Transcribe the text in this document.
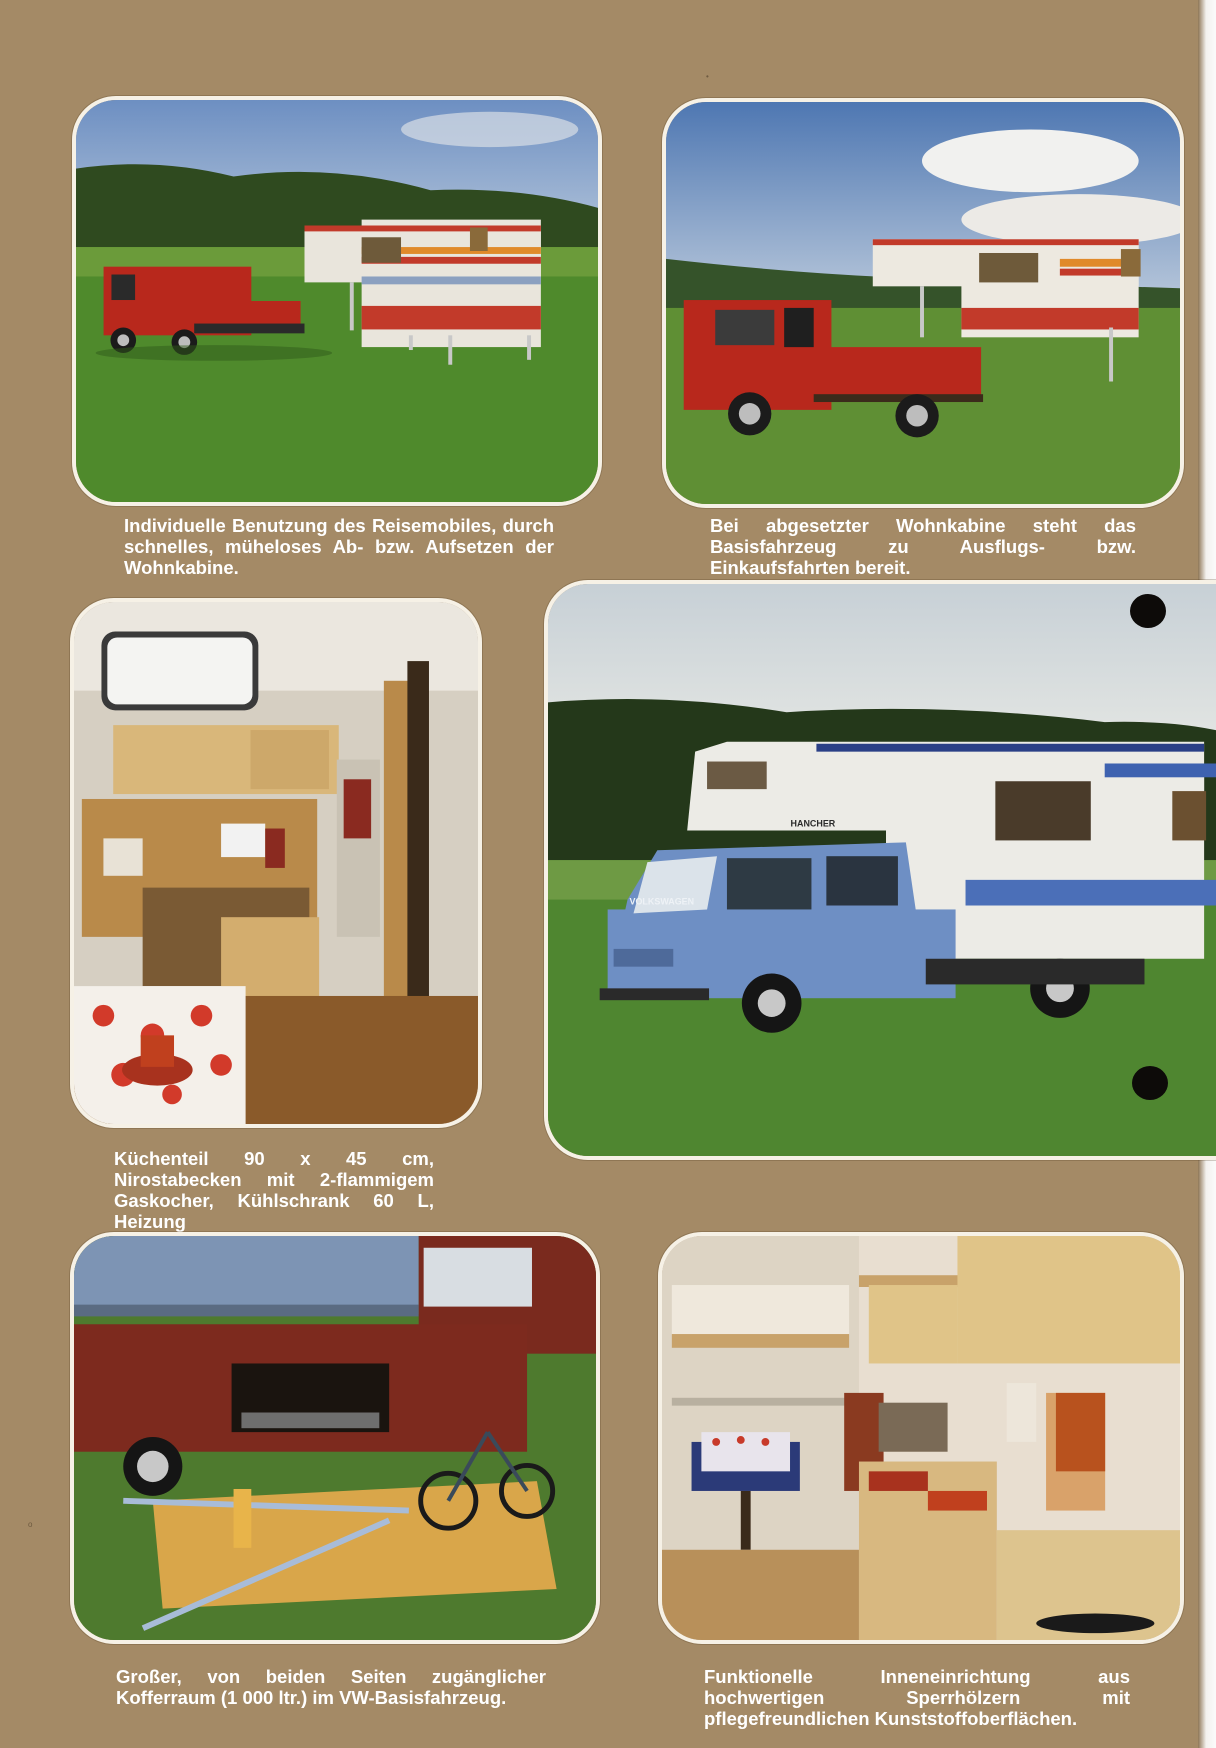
•
o

Individuelle Benutzung des Reisemobiles, durch schnelles, müheloses Ab- bzw. Aufsetzen der Wohnkabine.

Bei abgesetzter Wohnkabine steht das Basisfahrzeug zu Ausflugs- bzw. Einkaufsfahrten bereit.

Küchenteil 90 x 45 cm, Nirostabecken mit 2-flammigem Gaskocher, Kühlschrank 60 L, Heizung

HANCHER
VOLKSWAGEN

Großer, von beiden Seiten zugänglicher Kofferraum (1 000 ltr.) im VW-Basisfahrzeug.

Funktionelle Inneneinrichtung aus hochwertigen Sperrhölzern mit pflegefreundlichen Kunststoffoberflächen.
